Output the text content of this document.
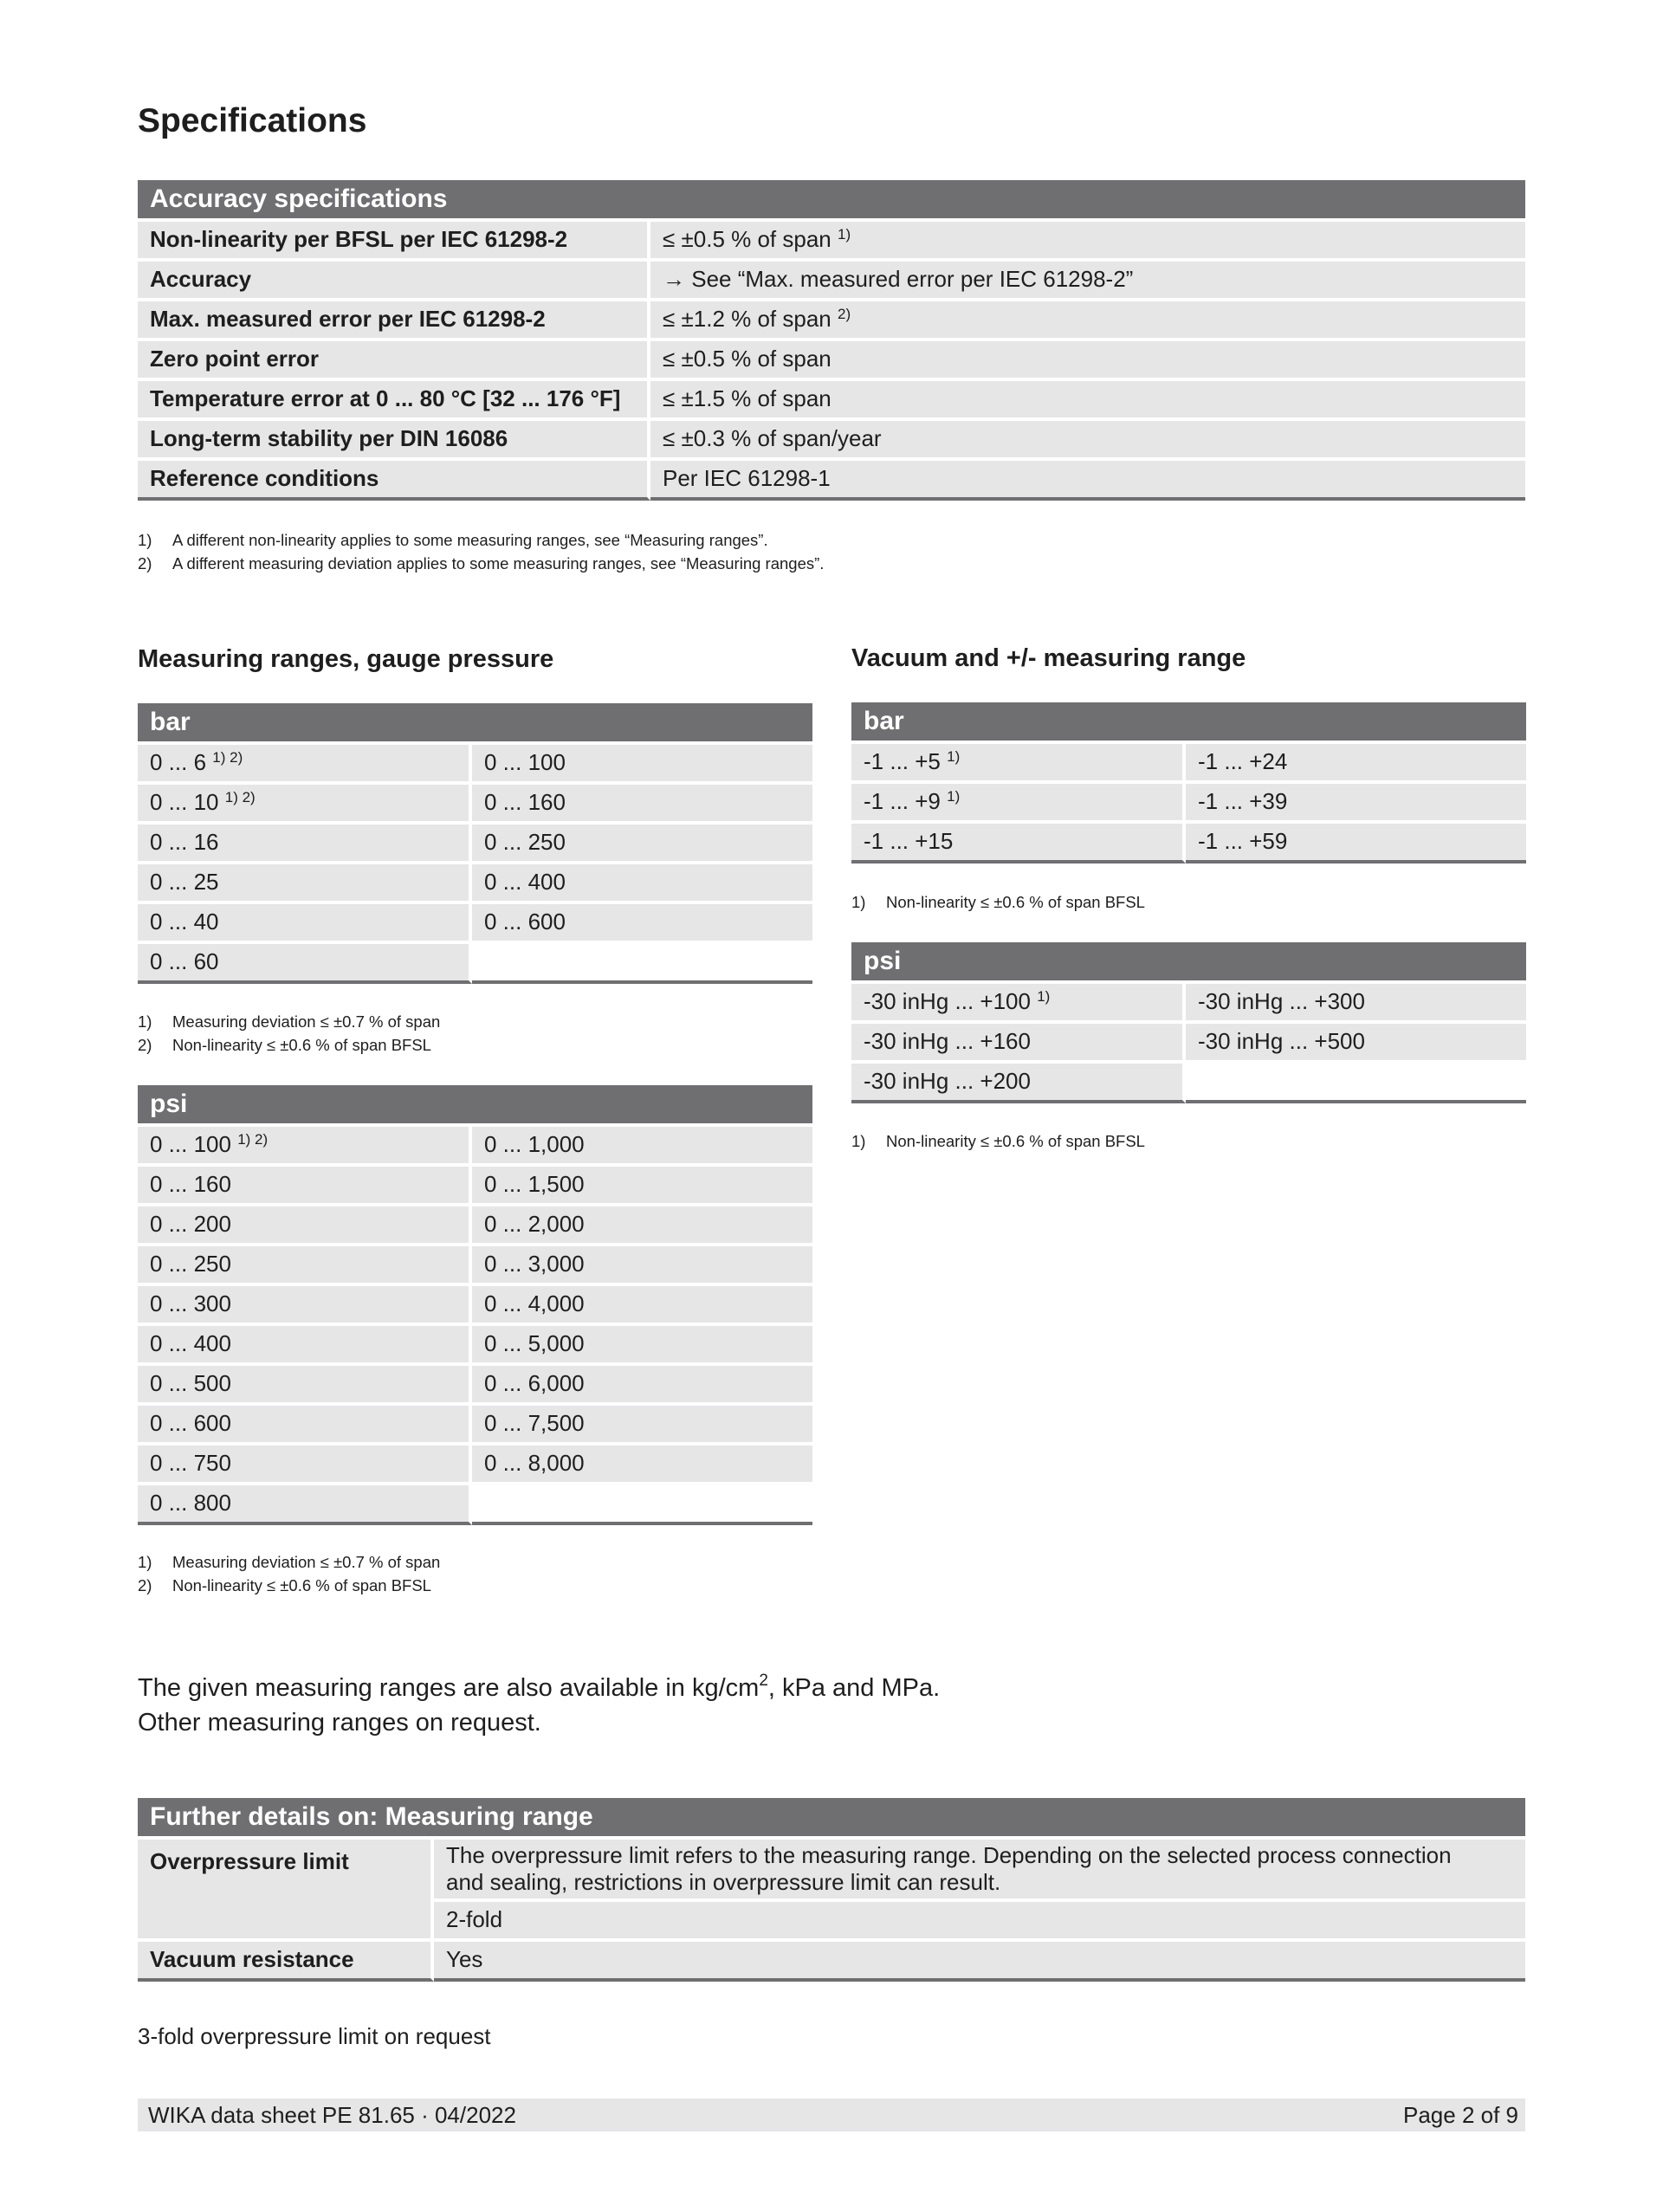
Specifications
Accuracy specifications	
Non-linearity per BFSL per IEC 61298-2	≤ ±0.5 % of span $^{1)}$
Accuracy	→ See “Max. measured error per IEC 61298-2”
Max. measured error per IEC 61298-2	≤ ±1.2 % of span $^{2)}$
Zero point error	≤ ±0.5 % of span
Temperature error at 0 ... 80 °C [32 ... 176 °F]	≤ ±1.5 % of span
Long-term stability per DIN 16086	≤ ±0.3 % of span/year
Reference conditions	Per IEC 61298-1
1)	A different non-linearity applies to some measuring ranges, see “Measuring ranges”.
2)	A different measuring deviation applies to some measuring ranges, see “Measuring ranges”.
Measuring ranges, gauge pressure
bar	
0 ... 6 $^{1) 2)}$	0 ... 100
0 ... 10 $^{1) 2)}$	0 ... 160
0 ... 16	0 ... 250
0 ... 25	0 ... 400
0 ... 40	0 ... 600
0 ... 60	
1)	Measuring deviation ≤ ±0.7 % of span
2)	Non-linearity ≤ ±0.6 % of span BFSL
psi	
0 ... 100 $^{1) 2)}$	0 ... 1,000
0 ... 160	0 ... 1,500
0 ... 200	0 ... 2,000
0 ... 250	0 ... 3,000
0 ... 300	0 ... 4,000
0 ... 400	0 ... 5,000
0 ... 500	0 ... 6,000
0 ... 600	0 ... 7,500
0 ... 750	0 ... 8,000
0 ... 800	
1)	Measuring deviation ≤ ±0.7 % of span
2)	Non-linearity ≤ ±0.6 % of span BFSL
Vacuum and +/- measuring range
bar	
-1 ... +5 $^{1)}$	-1 ... +24
-1 ... +9 $^{1)}$	-1 ... +39
-1 ... +15	-1 ... +59
1)	Non-linearity ≤ ±0.6 % of span BFSL
psi	
-30 inHg ... +100 $^{1)}$	-30 inHg ... +300
-30 inHg ... +160	-30 inHg ... +500
-30 inHg ... +200	
1)	Non-linearity ≤ ±0.6 % of span BFSL
The given measuring ranges are also available in $kg/cm^2$, kPa and MPa.
Other measuring ranges on request.
Further details on: Measuring range	
Overpressure limit	The overpressure limit refers to the measuring range. Depending on the selected process connection and sealing, restrictions in overpressure limit can result.
	2-fold
Vacuum resistance	Yes
3-fold overpressure limit on request
WIKA data sheet PE 81.65 · 04/2022	Page 2 of 9
